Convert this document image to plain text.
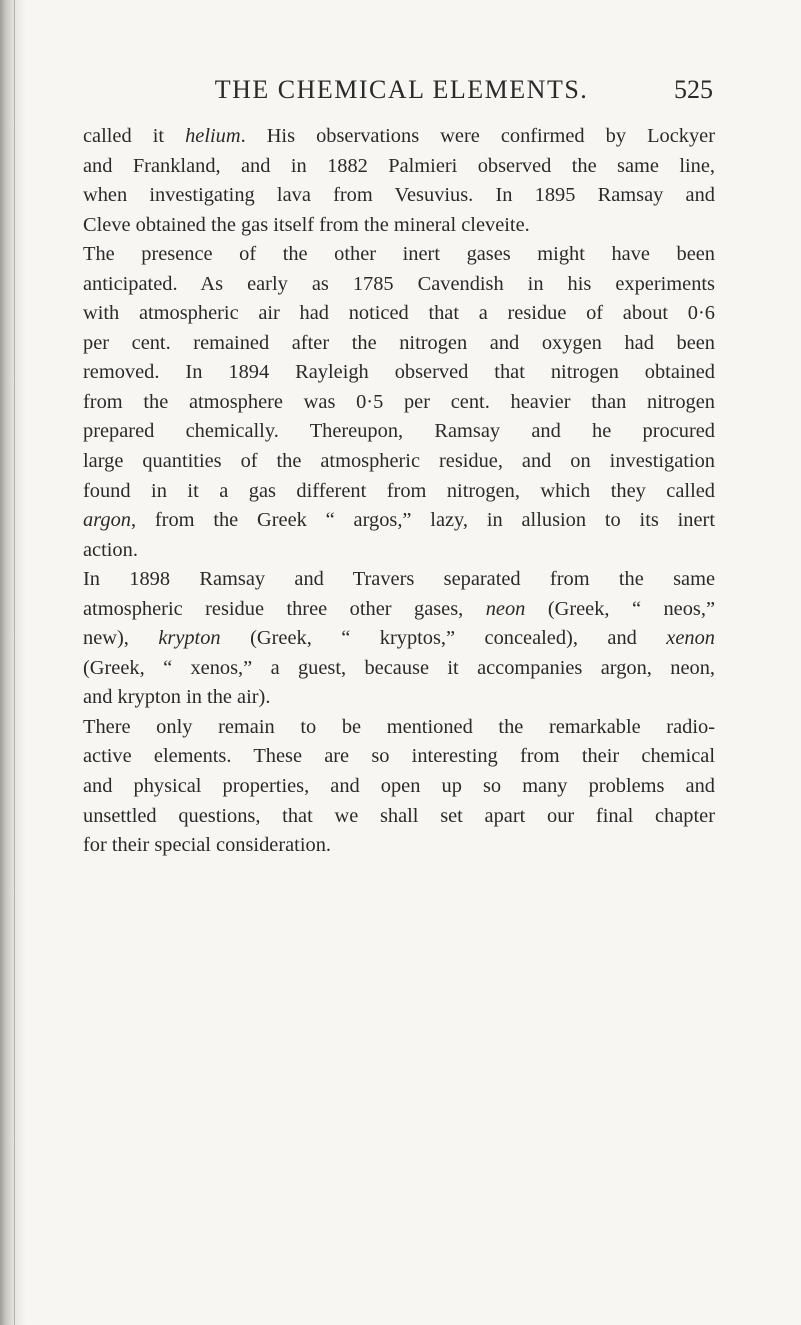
THE CHEMICAL ELEMENTS.	525
called it helium. His observations were confirmed by Lockyer
and Frankland, and in 1882 Palmieri observed the same line,
when investigating lava from Vesuvius. In 1895 Ramsay and
Cleve obtained the gas itself from the mineral cleveite.
The presence of the other inert gases might have been
anticipated. As early as 1785 Cavendish in his experiments
with atmospheric air had noticed that a residue of about 0·6
per cent. remained after the nitrogen and oxygen had been
removed. In 1894 Rayleigh observed that nitrogen obtained
from the atmosphere was 0·5 per cent. heavier than nitrogen
prepared chemically. Thereupon, Ramsay and he procured
large quantities of the atmospheric residue, and on investigation
found in it a gas different from nitrogen, which they called
argon, from the Greek “ argos,” lazy, in allusion to its inert
action.
In 1898 Ramsay and Travers separated from the same
atmospheric residue three other gases, neon (Greek, “ neos,”
new), krypton (Greek, “ kryptos,” concealed), and xenon
(Greek, “ xenos,” a guest, because it accompanies argon, neon,
and krypton in the air).
There only remain to be mentioned the remarkable radio-
active elements. These are so interesting from their chemical
and physical properties, and open up so many problems and
unsettled questions, that we shall set apart our final chapter
for their special consideration.
